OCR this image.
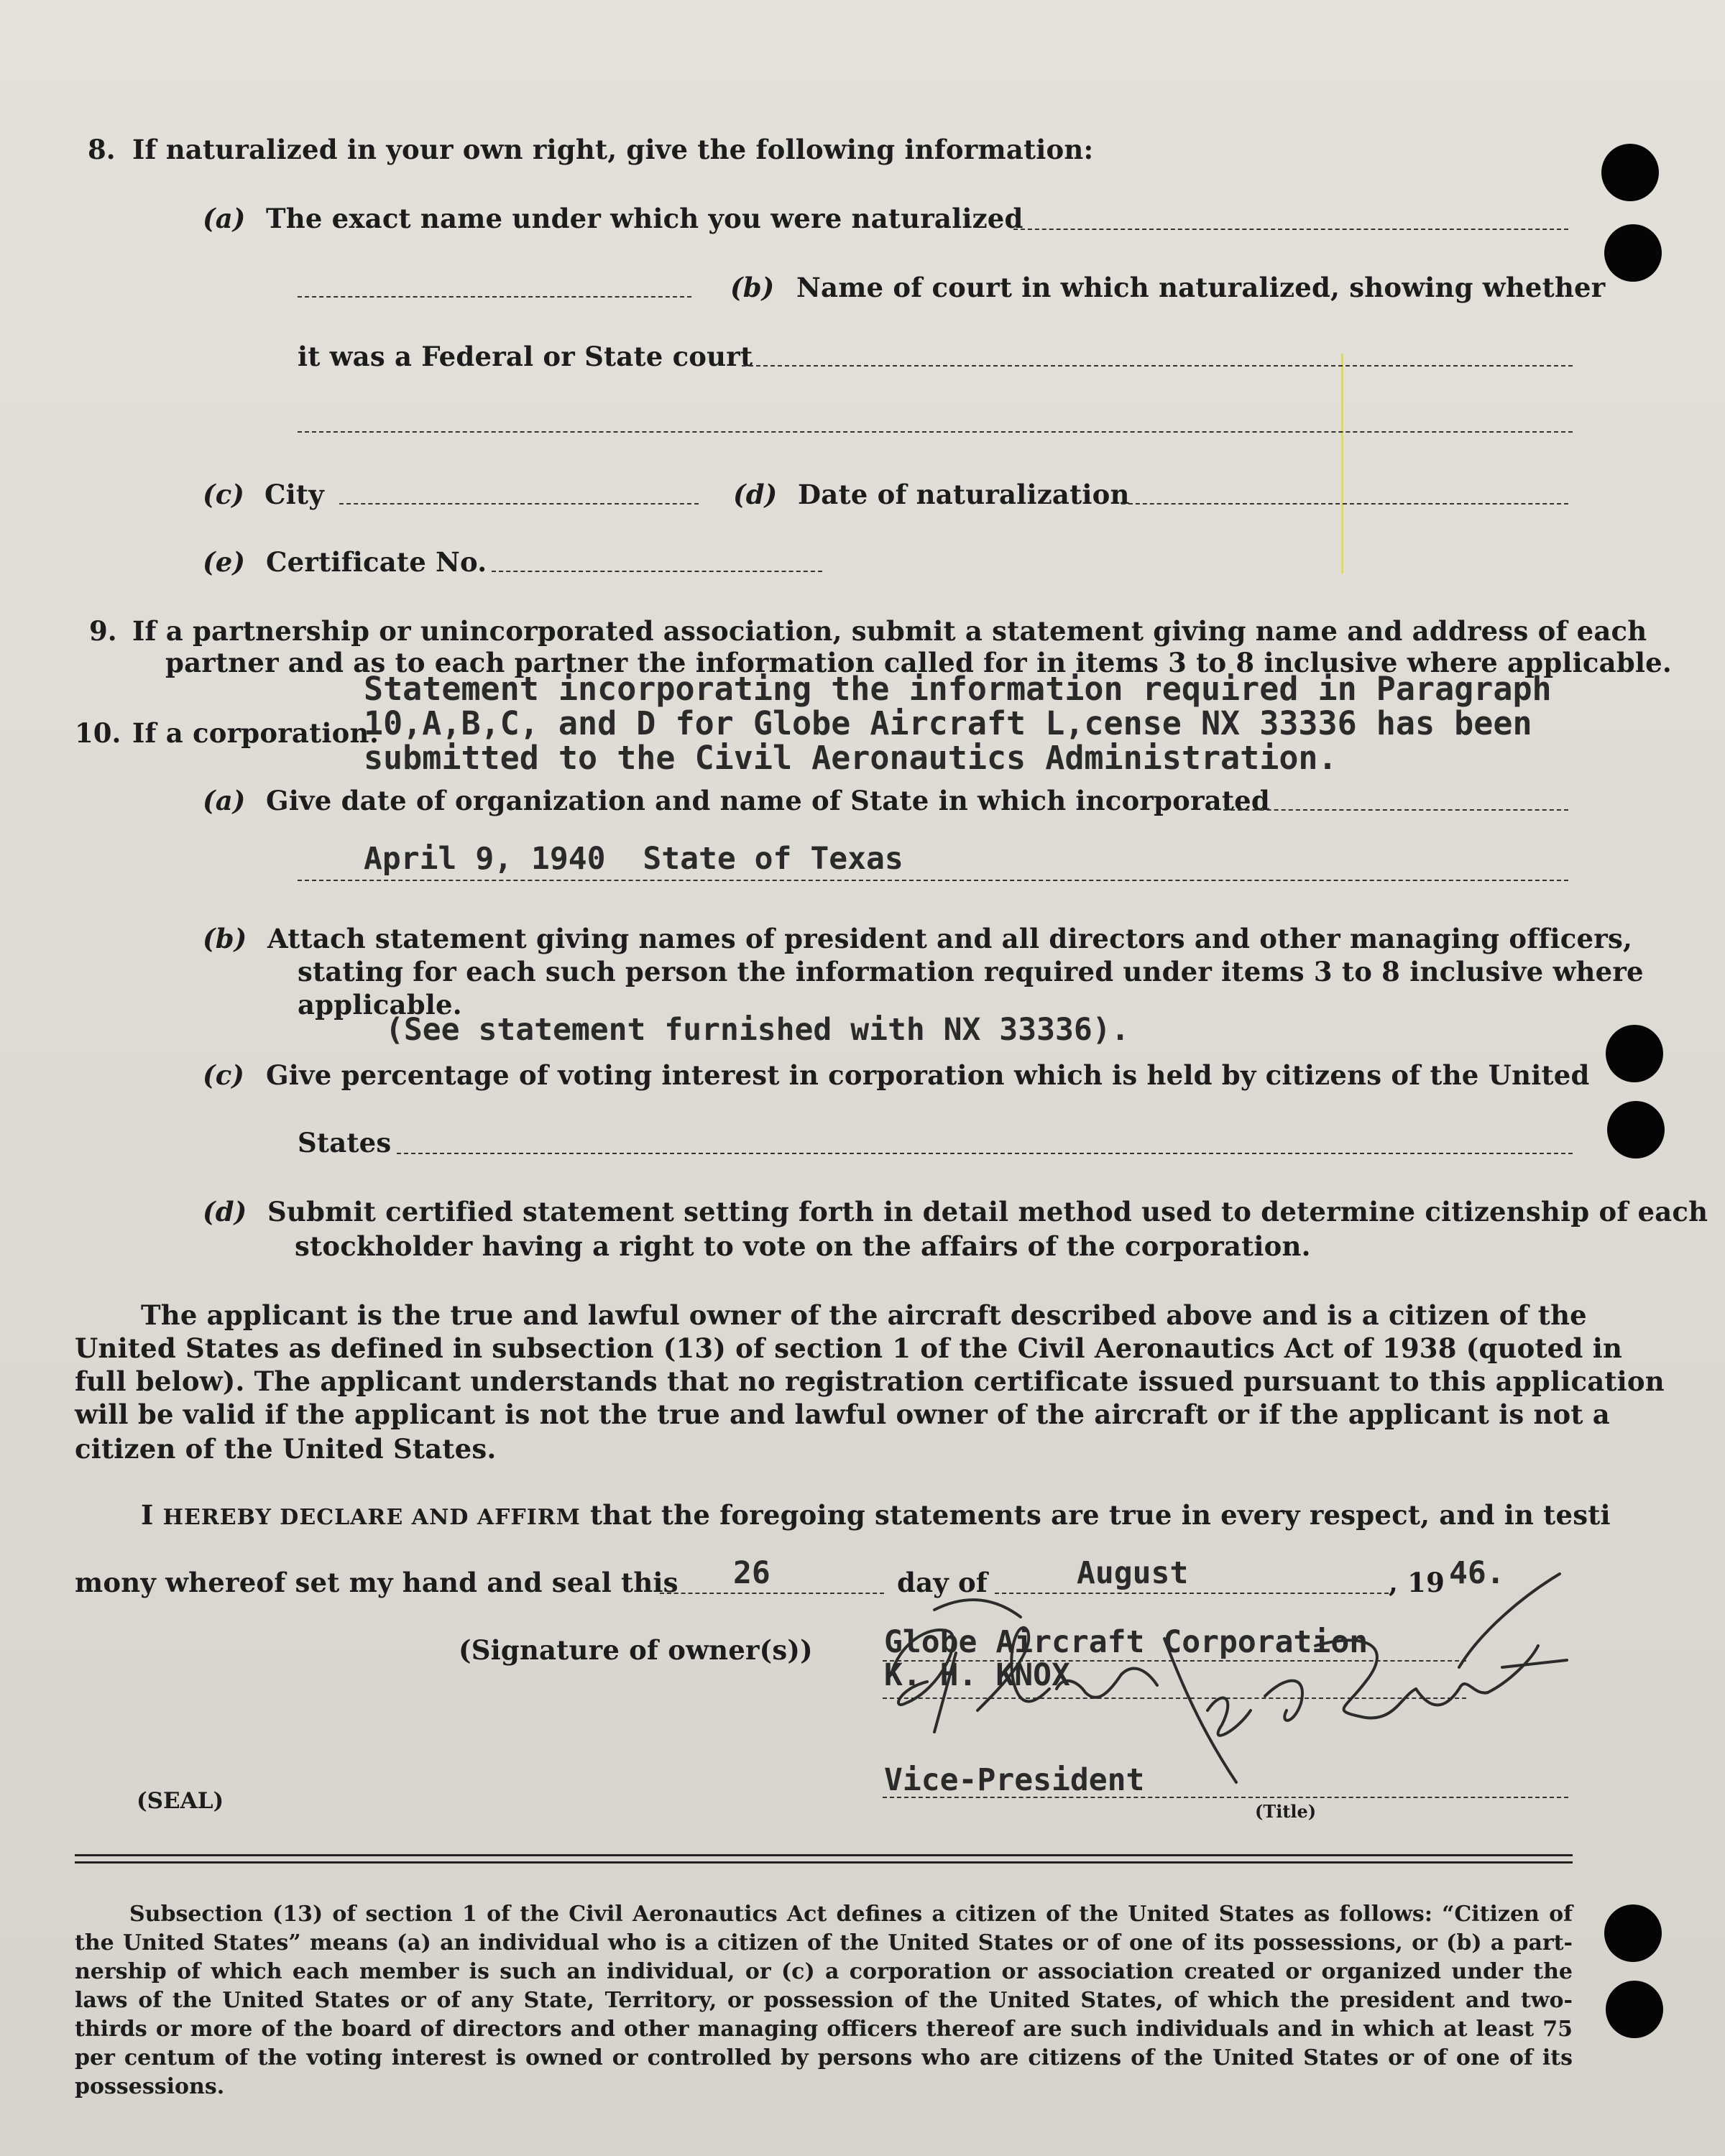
8. If naturalized in your own right, give the following information:
(a) The exact name under which you were naturalized
(b) Name of court in which naturalized, showing whether
it was a Federal or State court
(c) City	(d) Date of naturalization
(e) Certificate No.
9. If a partnership or unincorporated association, submit a statement giving name and address of each
partner and as to each partner the information called for in items 3 to 8 inclusive where applicable.
10. If a corporation:
Statement incorporating the information required in Paragraph
10,A,B,C, and D for Globe Aircraft L,cense NX 33336 has been
submitted to the Civil Aeronautics Administration.
(a) Give date of organization and name of State in which incorporated
April 9, 1940  State of Texas
(b) Attach statement giving names of president and all directors and other managing officers,
stating for each such person the information required under items 3 to 8 inclusive where
applicable.
(See statement furnished with NX 33336).
(c) Give percentage of voting interest in corporation which is held by citizens of the United
States
(d) Submit certified statement setting forth in detail method used to determine citizenship of each
stockholder having a right to vote on the affairs of the corporation.
The applicant is the true and lawful owner of the aircraft described above and is a citizen of the
United States as defined in subsection (13) of section 1 of the Civil Aeronautics Act of 1938 (quoted in
full below). The applicant understands that no registration certificate issued pursuant to this application
will be valid if the applicant is not the true and lawful owner of the aircraft or if the applicant is not a
citizen of the United States.
I HEREBY DECLARE AND AFFIRM that the foregoing statements are true in every respect, and in testi
mony whereof set my hand and seal this 26	day of	August	, 19 46.
(Signature of owner(s)) Globe Aircraft Corporation
K. H. KNOX
Vice-President
(Title)
(SEAL)
Subsection (13) of section 1 of the Civil Aeronautics Act defines a citizen of the United States as follows: “Citizen of
the United States” means (a) an individual who is a citizen of the United States or of one of its possessions, or (b) a part-
nership of which each member is such an individual, or (c) a corporation or association created or organized under the
laws of the United States or of any State, Territory, or possession of the United States, of which the president and two-
thirds or more of the board of directors and other managing officers thereof are such individuals and in which at least 75
per centum of the voting interest is owned or controlled by persons who are citizens of the United States or of one of its
possessions.
